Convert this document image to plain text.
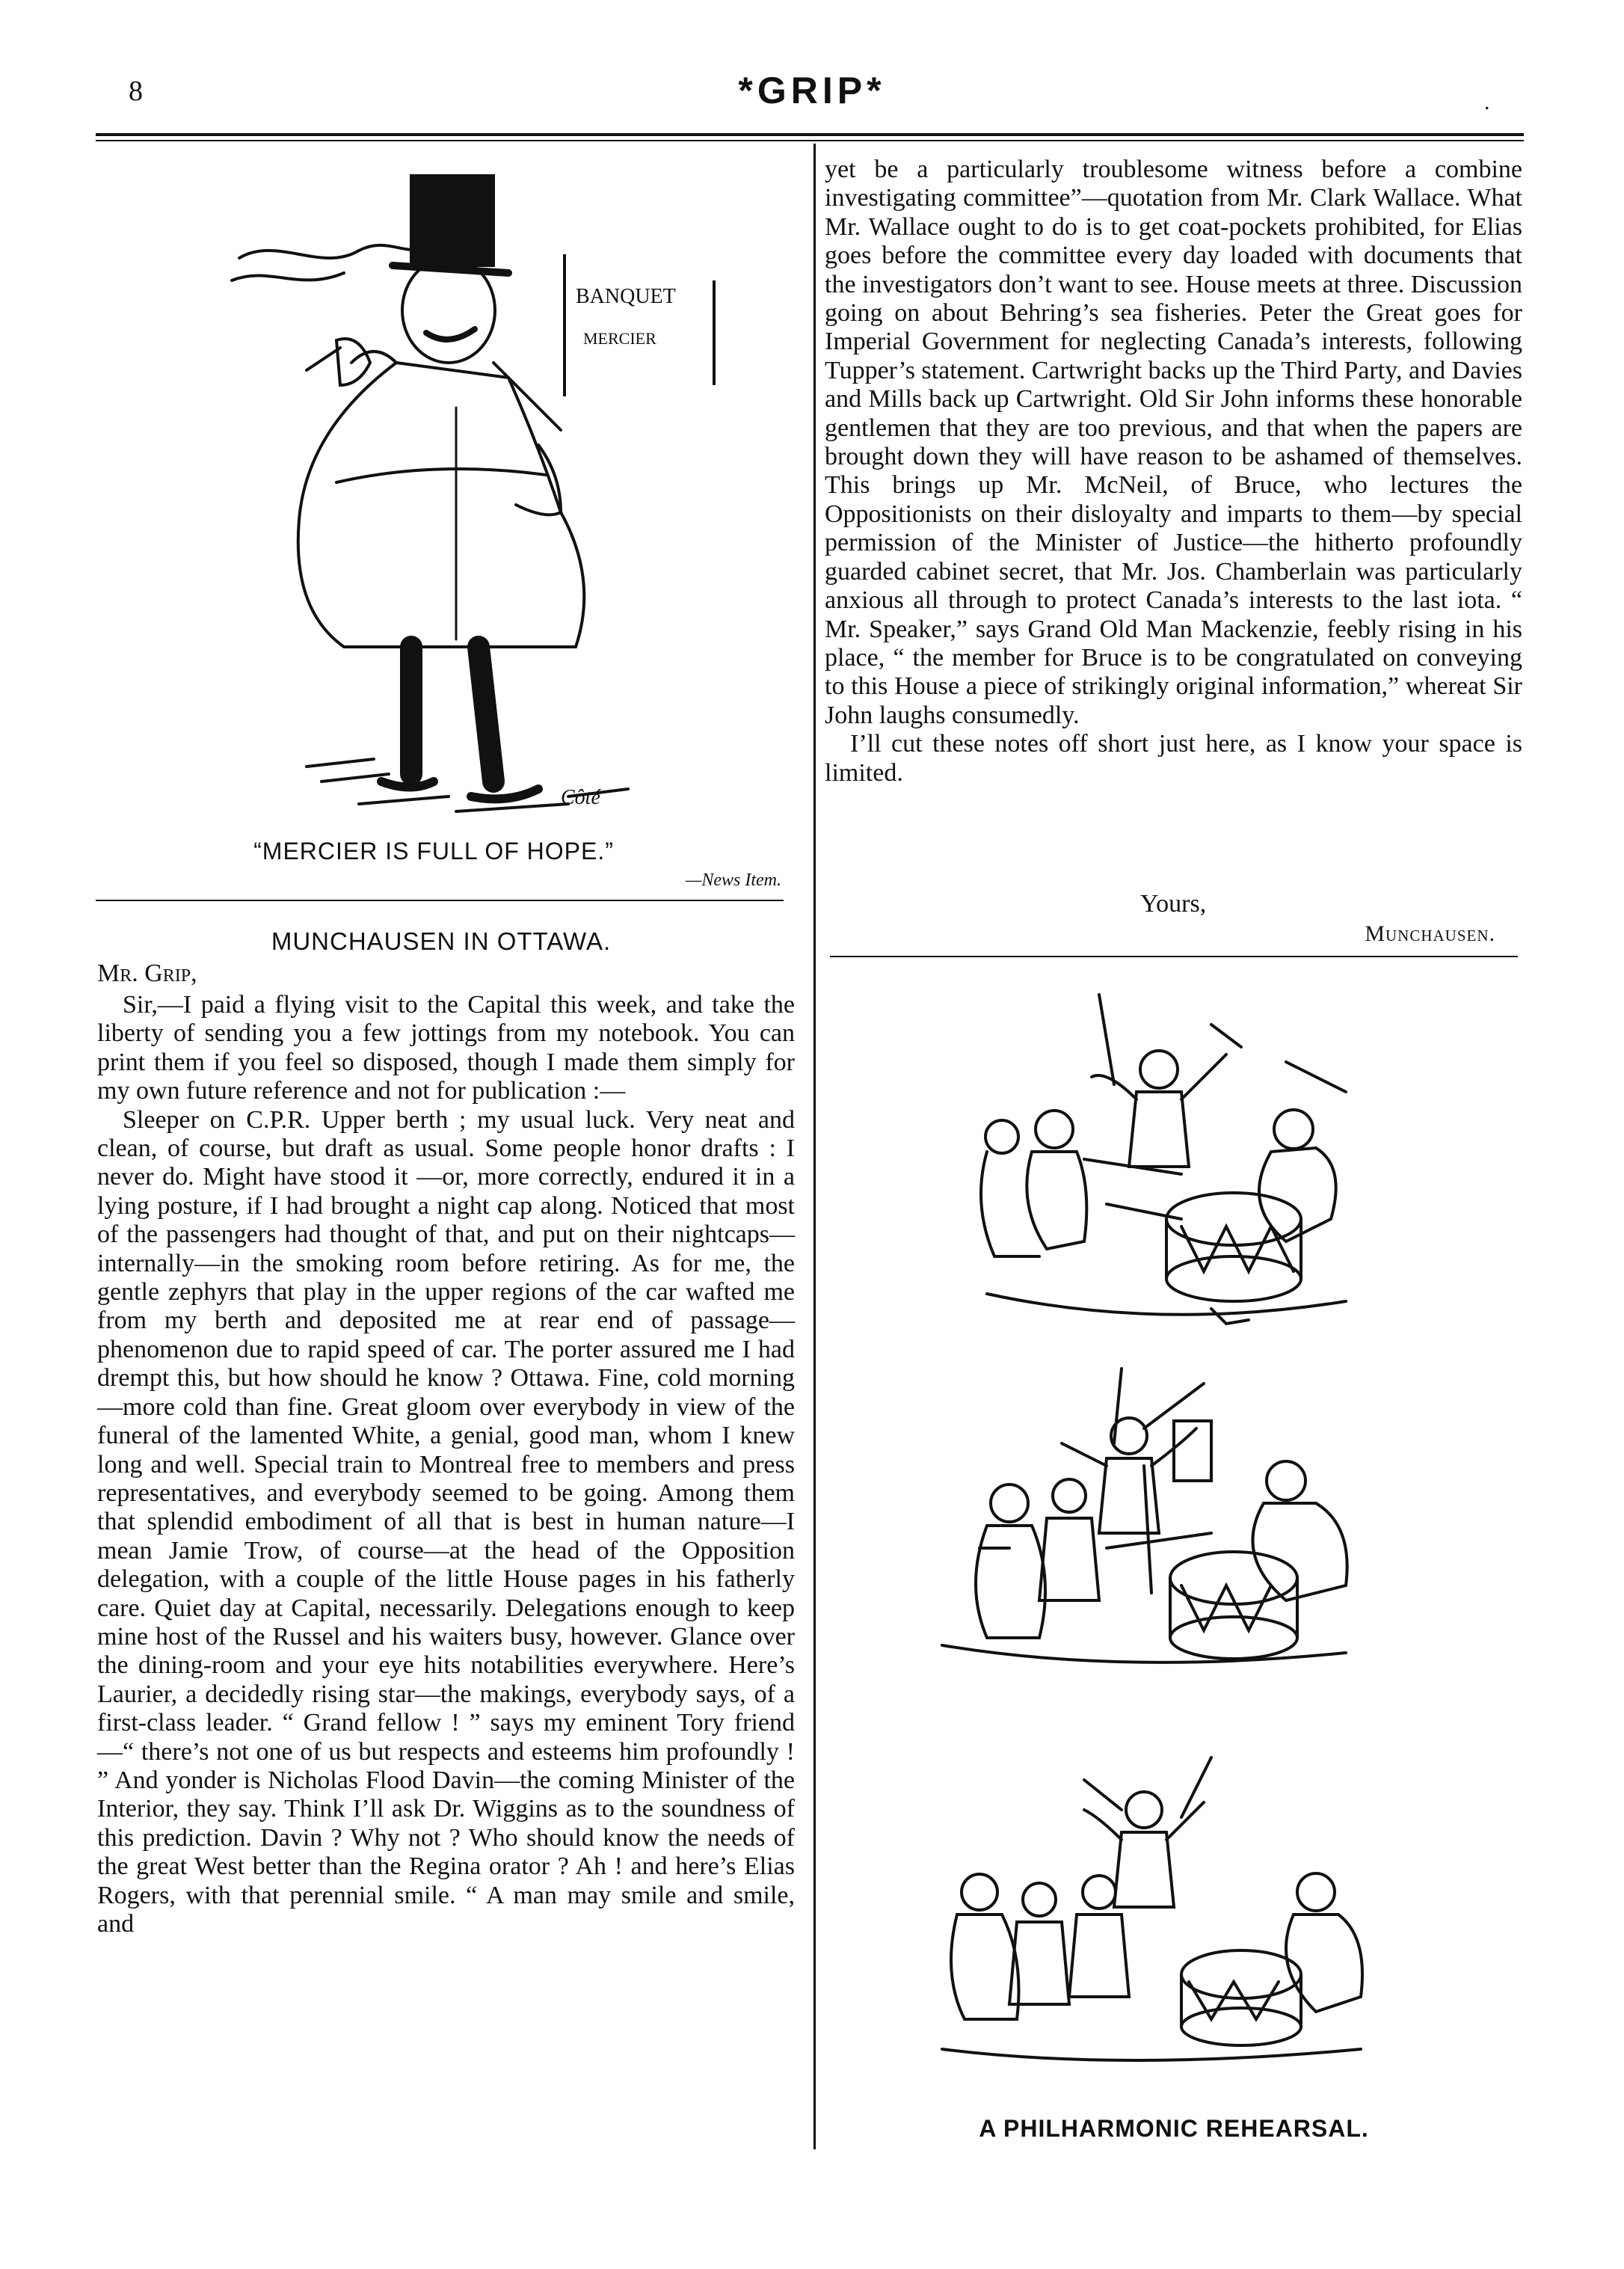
8	*GRIP*	.
BANQUET
MERCIER
Côté
“MERCIER IS FULL OF HOPE.”
—News Item.
MUNCHAUSEN IN OTTAWA.
Mr. Grip,

Sir,—I paid a flying visit to the Capital this week, and take the liberty of sending you a few jottings from my notebook. You can print them if you feel so disposed, though I made them simply for my own future reference and not for publication :—

Sleeper on C.P.R. Upper berth ; my usual luck. Very neat and clean, of course, but draft as usual. Some people honor drafts : I never do. Might have stood it —or, more correctly, endured it in a lying posture, if I had brought a night cap along. Noticed that most of the passengers had thought of that, and put on their nightcaps—internally—in the smoking room before retiring. As for me, the gentle zephyrs that play in the upper regions of the car wafted me from my berth and deposited me at rear end of passage—phenomenon due to rapid speed of car. The porter assured me I had drempt this, but how should he know ? Ottawa. Fine, cold morning—more cold than fine. Great gloom over everybody in view of the funeral of the lamented White, a genial, good man, whom I knew long and well. Special train to Montreal free to members and press representatives, and everybody seemed to be going. Among them that splendid embodiment of all that is best in human nature—I mean Jamie Trow, of course—at the head of the Opposition delegation, with a couple of the little House pages in his fatherly care. Quiet day at Capital, necessarily. Delegations enough to keep mine host of the Russel and his waiters busy, however. Glance over the dining-room and your eye hits notabilities everywhere. Here’s Laurier, a decidedly rising star—the makings, everybody says, of a first-class leader. “ Grand fellow ! ” says my eminent Tory friend—“ there’s not one of us but respects and esteems him profoundly ! ” And yonder is Nicholas Flood Davin—the coming Minister of the Interior, they say. Think I’ll ask Dr. Wiggins as to the soundness of this prediction. Davin ? Why not ? Who should know the needs of the great West better than the Regina orator ? Ah ! and here’s Elias Rogers, with that perennial smile. “ A man may smile and smile, and

yet be a particularly troublesome witness before a combine investigating committee”—quotation from Mr. Clark Wallace. What Mr. Wallace ought to do is to get coat-pockets prohibited, for Elias goes before the committee every day loaded with documents that the investigators don’t want to see. House meets at three. Discussion going on about Behring’s sea fisheries. Peter the Great goes for Imperial Government for neglecting Canada’s interests, following Tupper’s statement. Cartwright backs up the Third Party, and Davies and Mills back up Cartwright. Old Sir John informs these honorable gentlemen that they are too previous, and that when the papers are brought down they will have reason to be ashamed of themselves. This brings up Mr. McNeil, of Bruce, who lectures the Oppositionists on their disloyalty and imparts to them—by special permission of the Minister of Justice—the hitherto profoundly guarded cabinet secret, that Mr. Jos. Chamberlain was particularly anxious all through to protect Canada’s interests to the last iota. “ Mr. Speaker,” says Grand Old Man Mackenzie, feebly rising in his place, “ the member for Bruce is to be congratulated on conveying to this House a piece of strikingly original information,” whereat Sir John laughs consumedly.

I’ll cut these notes off short just here, as I know your space is limited.

Yours,
Munchausen.
A PHILHARMONIC REHEARSAL.
